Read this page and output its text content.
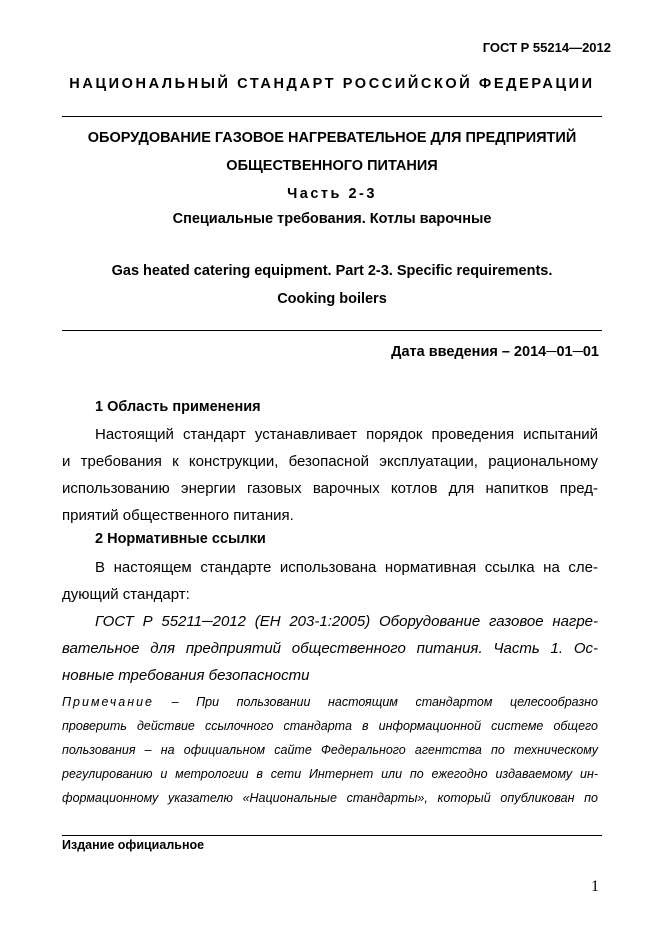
ГОСТ Р 55214—2012
НАЦИОНАЛЬНЫЙ СТАНДАРТ РОССИЙСКОЙ ФЕДЕРАЦИИ
ОБОРУДОВАНИЕ ГАЗОВОЕ НАГРЕВАТЕЛЬНОЕ ДЛЯ ПРЕДПРИЯТИЙ
ОБЩЕСТВЕННОГО ПИТАНИЯ
Часть 2-3
Специальные требования. Котлы варочные
Gas heated catering equipment. Part 2-3. Specific requirements.
Cooking boilers
Дата введения – 2014─01─01
1 Область применения
Настоящий стандарт устанавливает порядок проведения испытаний
и требования к конструкции, безопасной эксплуатации, рациональному
использованию энергии газовых варочных котлов для напитков пред-
приятий общественного питания.
2 Нормативные ссылки
В настоящем стандарте использована нормативная ссылка на сле-
дующий стандарт:
ГОСТ Р 55211─2012 (ЕН 203-1:2005) Оборудование газовое нагре-
вательное для предприятий общественного питания. Часть 1. Ос-
новные требования безопасности
Примечание – При пользовании настоящим стандартом целесообразно
проверить действие ссылочного стандарта в информационной системе общего
пользования – на официальном сайте Федерального агентства по техническому
регулированию и метрологии в сети Интернет или по ежегодно издаваемому ин-
формационному указателю «Национальные стандарты», который опубликован по
Издание официальное
1
